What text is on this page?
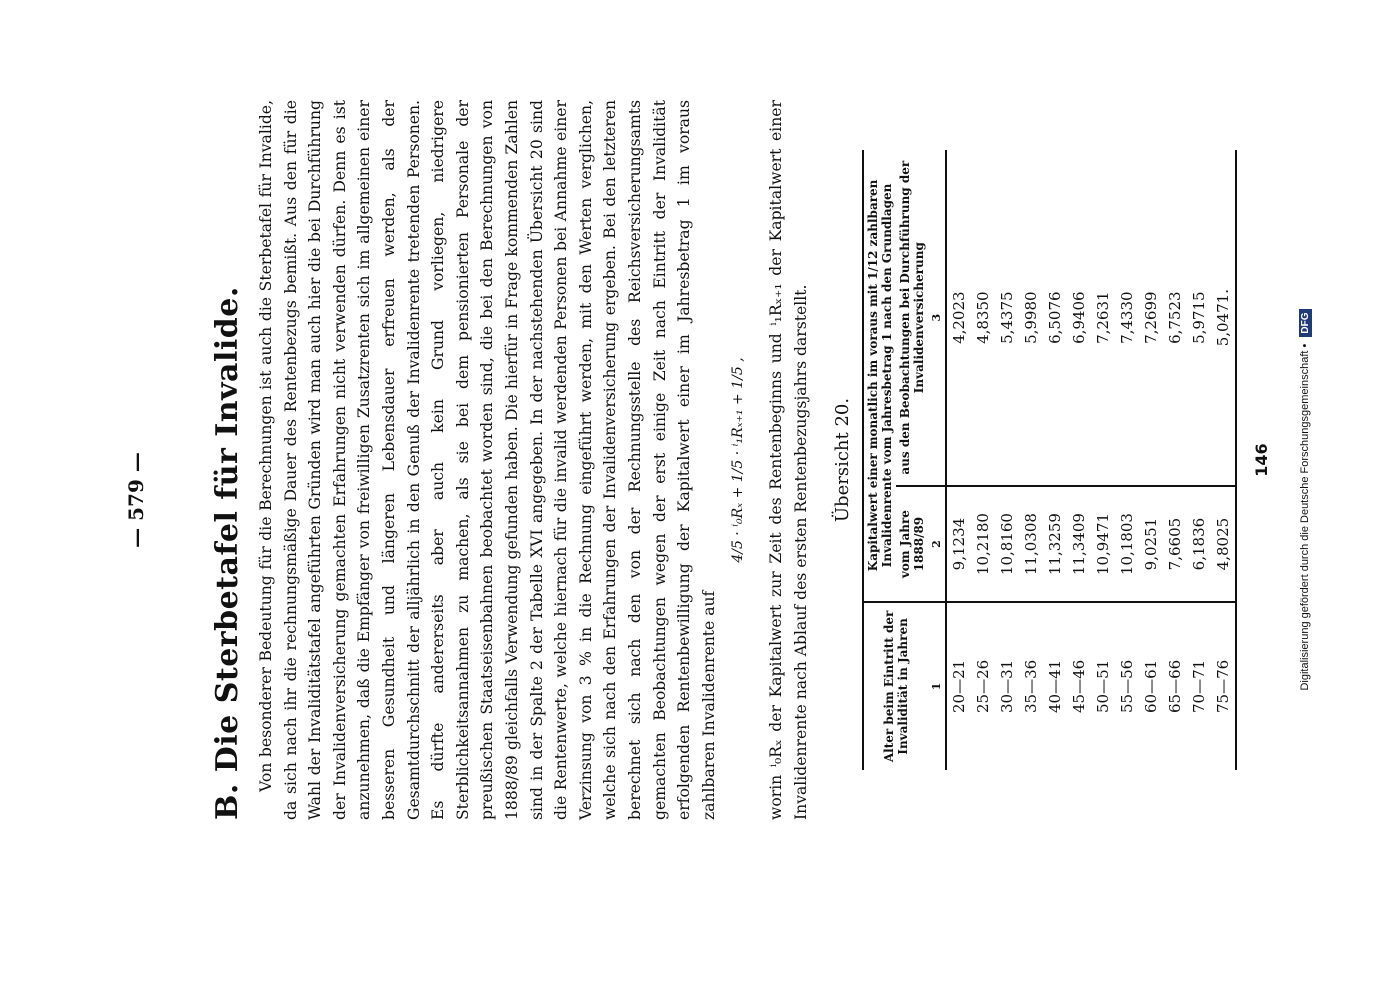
— 579 — B. Die Sterbetafel für Invalide. Von besonderer Bedeutung für die Berechnungen ist auch die Sterbetafel für Invalide, da sich nach ihr die rechnungsmäßige Dauer des Rentenbezugs bemißt. Aus den für die Wahl der Invaliditätstafel angeführten Gründen wird man auch hier die bei Durchführung der Invalidenversicherung gemachten Erfahrungen nicht verwenden dürfen. Denn es ist anzunehmen, daß die Empfänger von freiwilligen Zusatzrenten sich im allgemeinen einer besseren Gesundheit und längeren Lebensdauer erfreuen werden, als der Gesamtdurchschnitt der alljährlich in den Genuß der Invalidenrente tretenden Personen. Es dürfte andererseits aber auch kein Grund vorliegen, niedrigere Sterblichkeitsannahmen zu machen, als sie bei dem pensionierten Personale der preußischen Staatseisenbahnen beobachtet worden sind, die bei den Berechnungen von 1888/89 gleichfalls Verwendung gefunden haben. Die hierfür in Frage kommenden Zahlen sind in der Spalte 2 der Tabelle XVI angegeben. In der nachstehenden Übersicht 20 sind die Rentenwerte, welche hiernach für die invalid werdenden Personen bei Annahme einer Verzinsung von 3 % in die Rechnung eingeführt werden, mit den Werten verglichen, welche sich nach den Erfahrungen der Invalidenversicherung ergeben. Bei den letzteren berechnet sich nach den von der Rechnungsstelle des Reichsversicherungsamts gemachten Beobachtungen wegen der erst einige Zeit nach Eintritt der Invalidität erfolgenden Rentenbewilligung der Kapitalwert einer im Jahresbetrag 1 im voraus zahlbaren Invalidenrente auf

4/5 · ⁱ₀Rₓ + 1/5 · ⁱ₁Rₓ₊₁ + 1/5 , worin ⁱ₀Rₓ der Kapitalwert zur Zeit des Rentenbeginns und ⁱ₁Rₓ₊₁ der Kapitalwert einer Invalidenrente nach Ablauf des ersten Rentenbezugsjahrs darstellt. Übersicht 20.
Alter beim Eintritt der Invalidität in Jahren	Kapitalwert einer monatlich im voraus mit 1/12 zahlbaren Invalidenrente vom Jahresbetrag 1 nach den Grundlagen	
	vom Jahre 1888/89	aus den Beobachtungen bei Durchführung der Invalidenversicherung
1	2	3
20—21	9,1234	4,2023
25—26	10,2180	4,8350
30—31	10,8160	5,4375
35—36	11,0308	5,9980
40—41	11,3259	6,5076
45—46	11,3409	6,9406
50—51	10,9471	7,2631
55—56	10,1803	7,4330
60—61	9,0251	7,2699
65—66	7,6605	6,7523
70—71	6,1836	5,9715
75—76	4,8025	5,0471.
146	Digitalisierung gefördert durch die Deutsche Forschungsgemeinschaft • DFG
